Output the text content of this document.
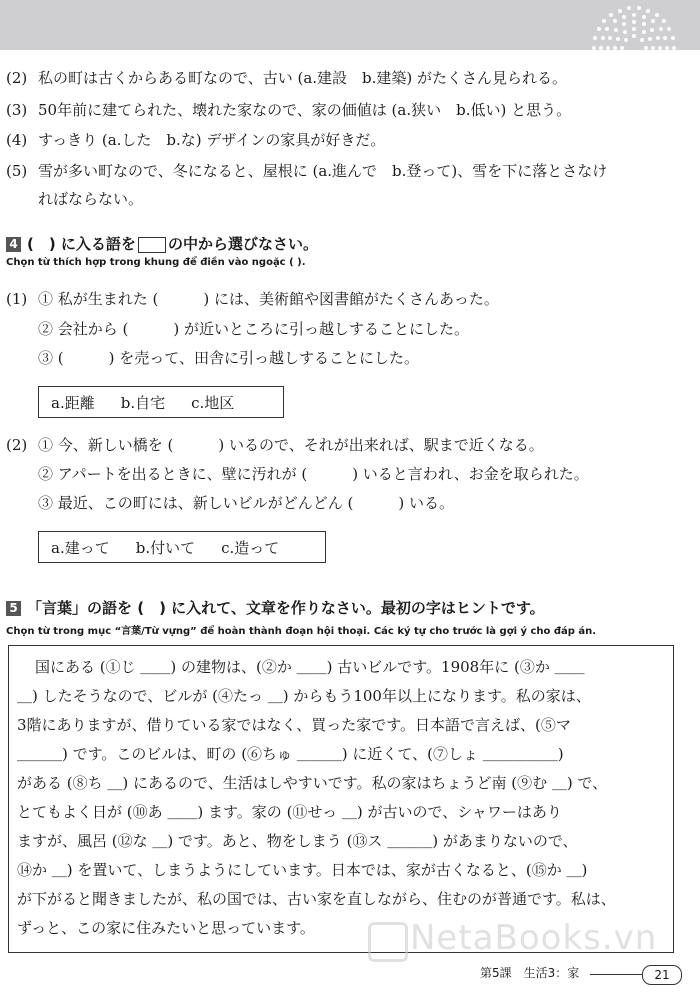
(2) 私の町は古くからある町なので、古い (a.建設　b.建築) がたくさん見られる。
(3) 50年前に建てられた、壊れた家なので、家の価値は (a.狭い　b.低い) と思う。
(4) すっきり (a.した　b.な) デザインの家具が好きだ。
(5) 雪が多い町なので、冬になると、屋根に (a.進んで　b.登って)、雪を下に落とさなけ
ればならない。
4 (　) に入る語を の中から選びなさい。
Chọn từ thích hợp trong khung để điền vào ngoặc ( ).
(1) ① 私が生まれた (　　　) には、美術館や図書館がたくさんあった。
② 会社から (　　　) が近いところに引っ越しすることにした。
③ (　　　) を売って、田舎に引っ越しすることにした。
a.距離 b.自宅 c.地区
(2) ① 今、新しい橋を (　　　) いるので、それが出来れば、駅まで近くなる。
② アパートを出るときに、壁に汚れが (　　　) いると言われ、お金を取られた。
③ 最近、この町には、新しいビルがどんどん (　　　) いる。
a.建って b.付いて c.造って
5 「言葉」の語を (　) に入れて、文章を作りなさい。最初の字はヒントです。
Chọn từ trong mục “言葉/Từ vựng” để hoàn thành đoạn hội thoại. Các ký tự cho trước là gợi ý cho đáp án.
国にある (①じ ＿＿) の建物は、(②か ＿＿) 古いビルです。1908年に (③か ＿＿
＿) したそうなので、ビルが (④たっ ＿) からもう100年以上になります。私の家は、
3階にありますが、借りている家ではなく、買った家です。日本語で言えば、(⑤マ
＿＿＿) です。このビルは、町の (⑥ちゅ ＿＿＿) に近くて、(⑦しょ ＿＿＿＿＿)
がある (⑧ち ＿) にあるので、生活はしやすいです。私の家はちょうど南 (⑨む ＿) で、
とてもよく日が (⑩あ ＿＿) ます。家の (⑪せっ ＿) が古いので、シャワーはあり
ますが、風呂 (⑫な ＿) です。あと、物をしまう (⑬ス ＿＿＿) があまりないので、
⑭か ＿) を置いて、しまうようにしています。日本では、家が古くなると、(⑮か ＿)
が下がると聞きましたが、私の国では、古い家を直しながら、住むのが普通です。私は、
ずっと、この家に住みたいと思っています。	NetaBooks.vn
第5課　生活3：家	21
